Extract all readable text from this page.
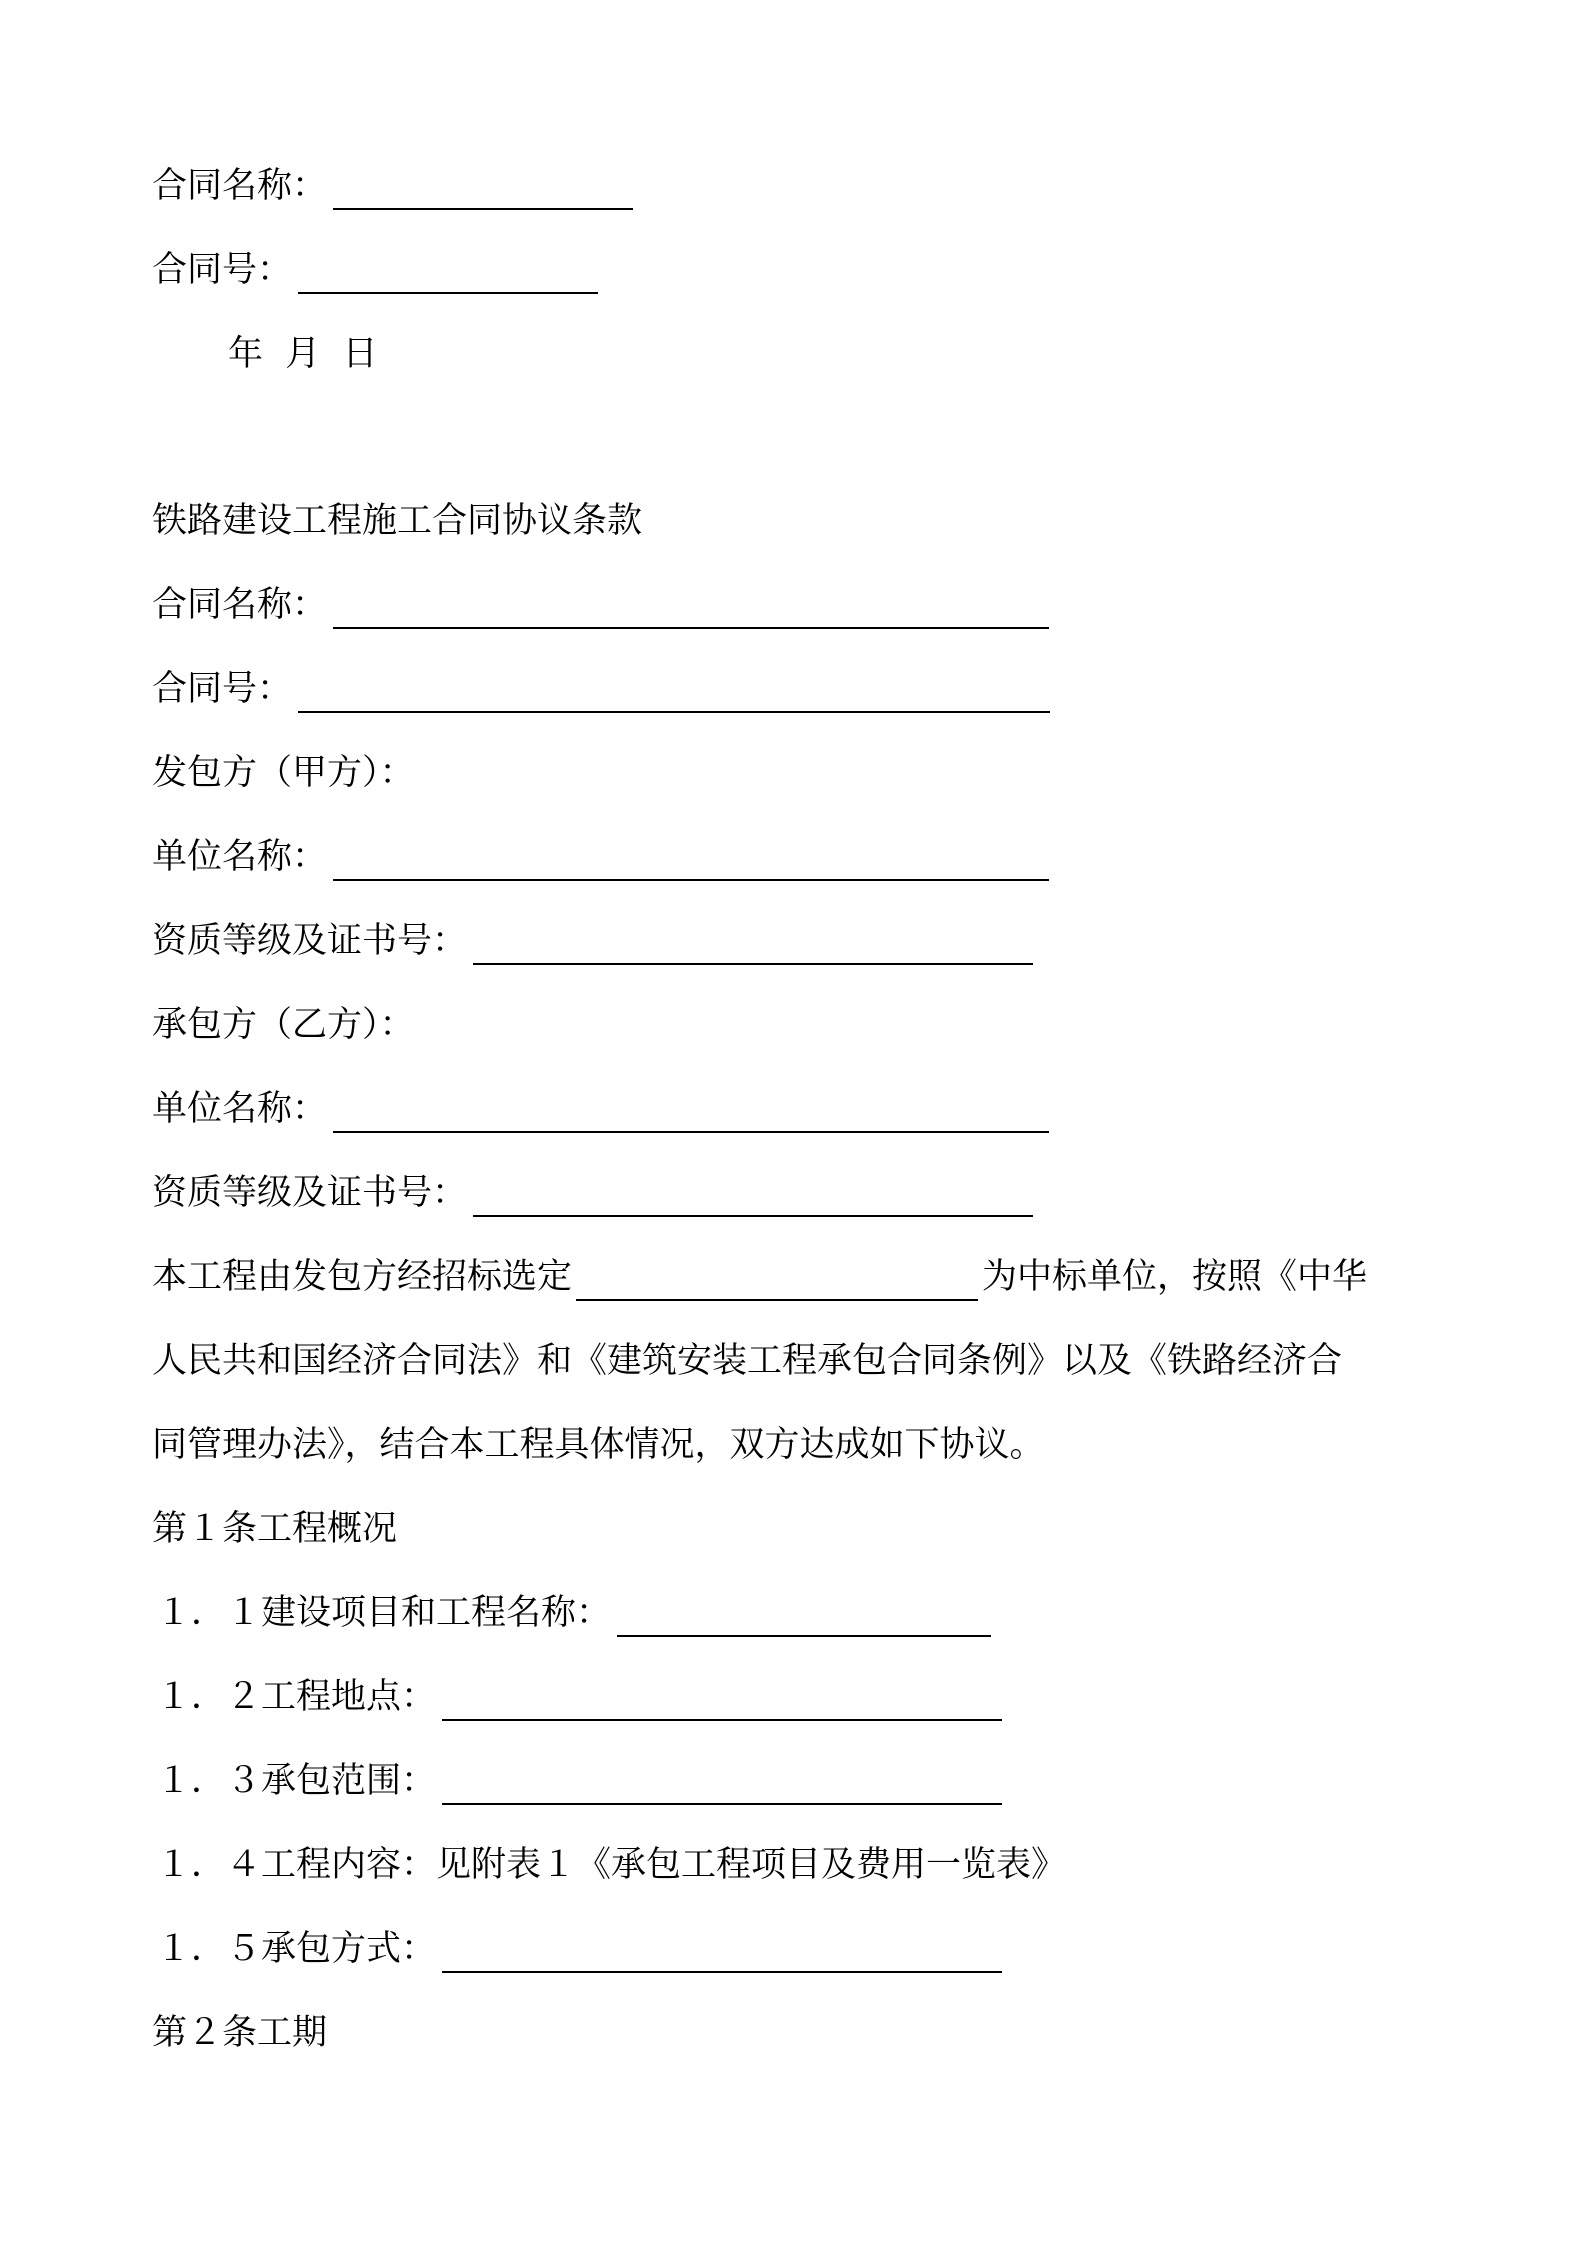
合同名称：
合同号：
年  月  日
铁路建设工程施工合同协议条款
合同名称：
合同号：
发包方（甲方）：
单位名称：
资质等级及证书号：
承包方（乙方）：
单位名称：
资质等级及证书号：
本工程由发包方经招标选定	为中标单位，按照《中华
人民共和国经济合同法》和《建筑安装工程承包合同条例》以及《铁路经济合
同管理办法》，结合本工程具体情况，双方达成如下协议。
第１条工程概况
１．１建设项目和工程名称：
１．２工程地点：
１．３承包范围：
１．４工程内容：见附表１《承包工程项目及费用一览表》
１．５承包方式：
第２条工期
